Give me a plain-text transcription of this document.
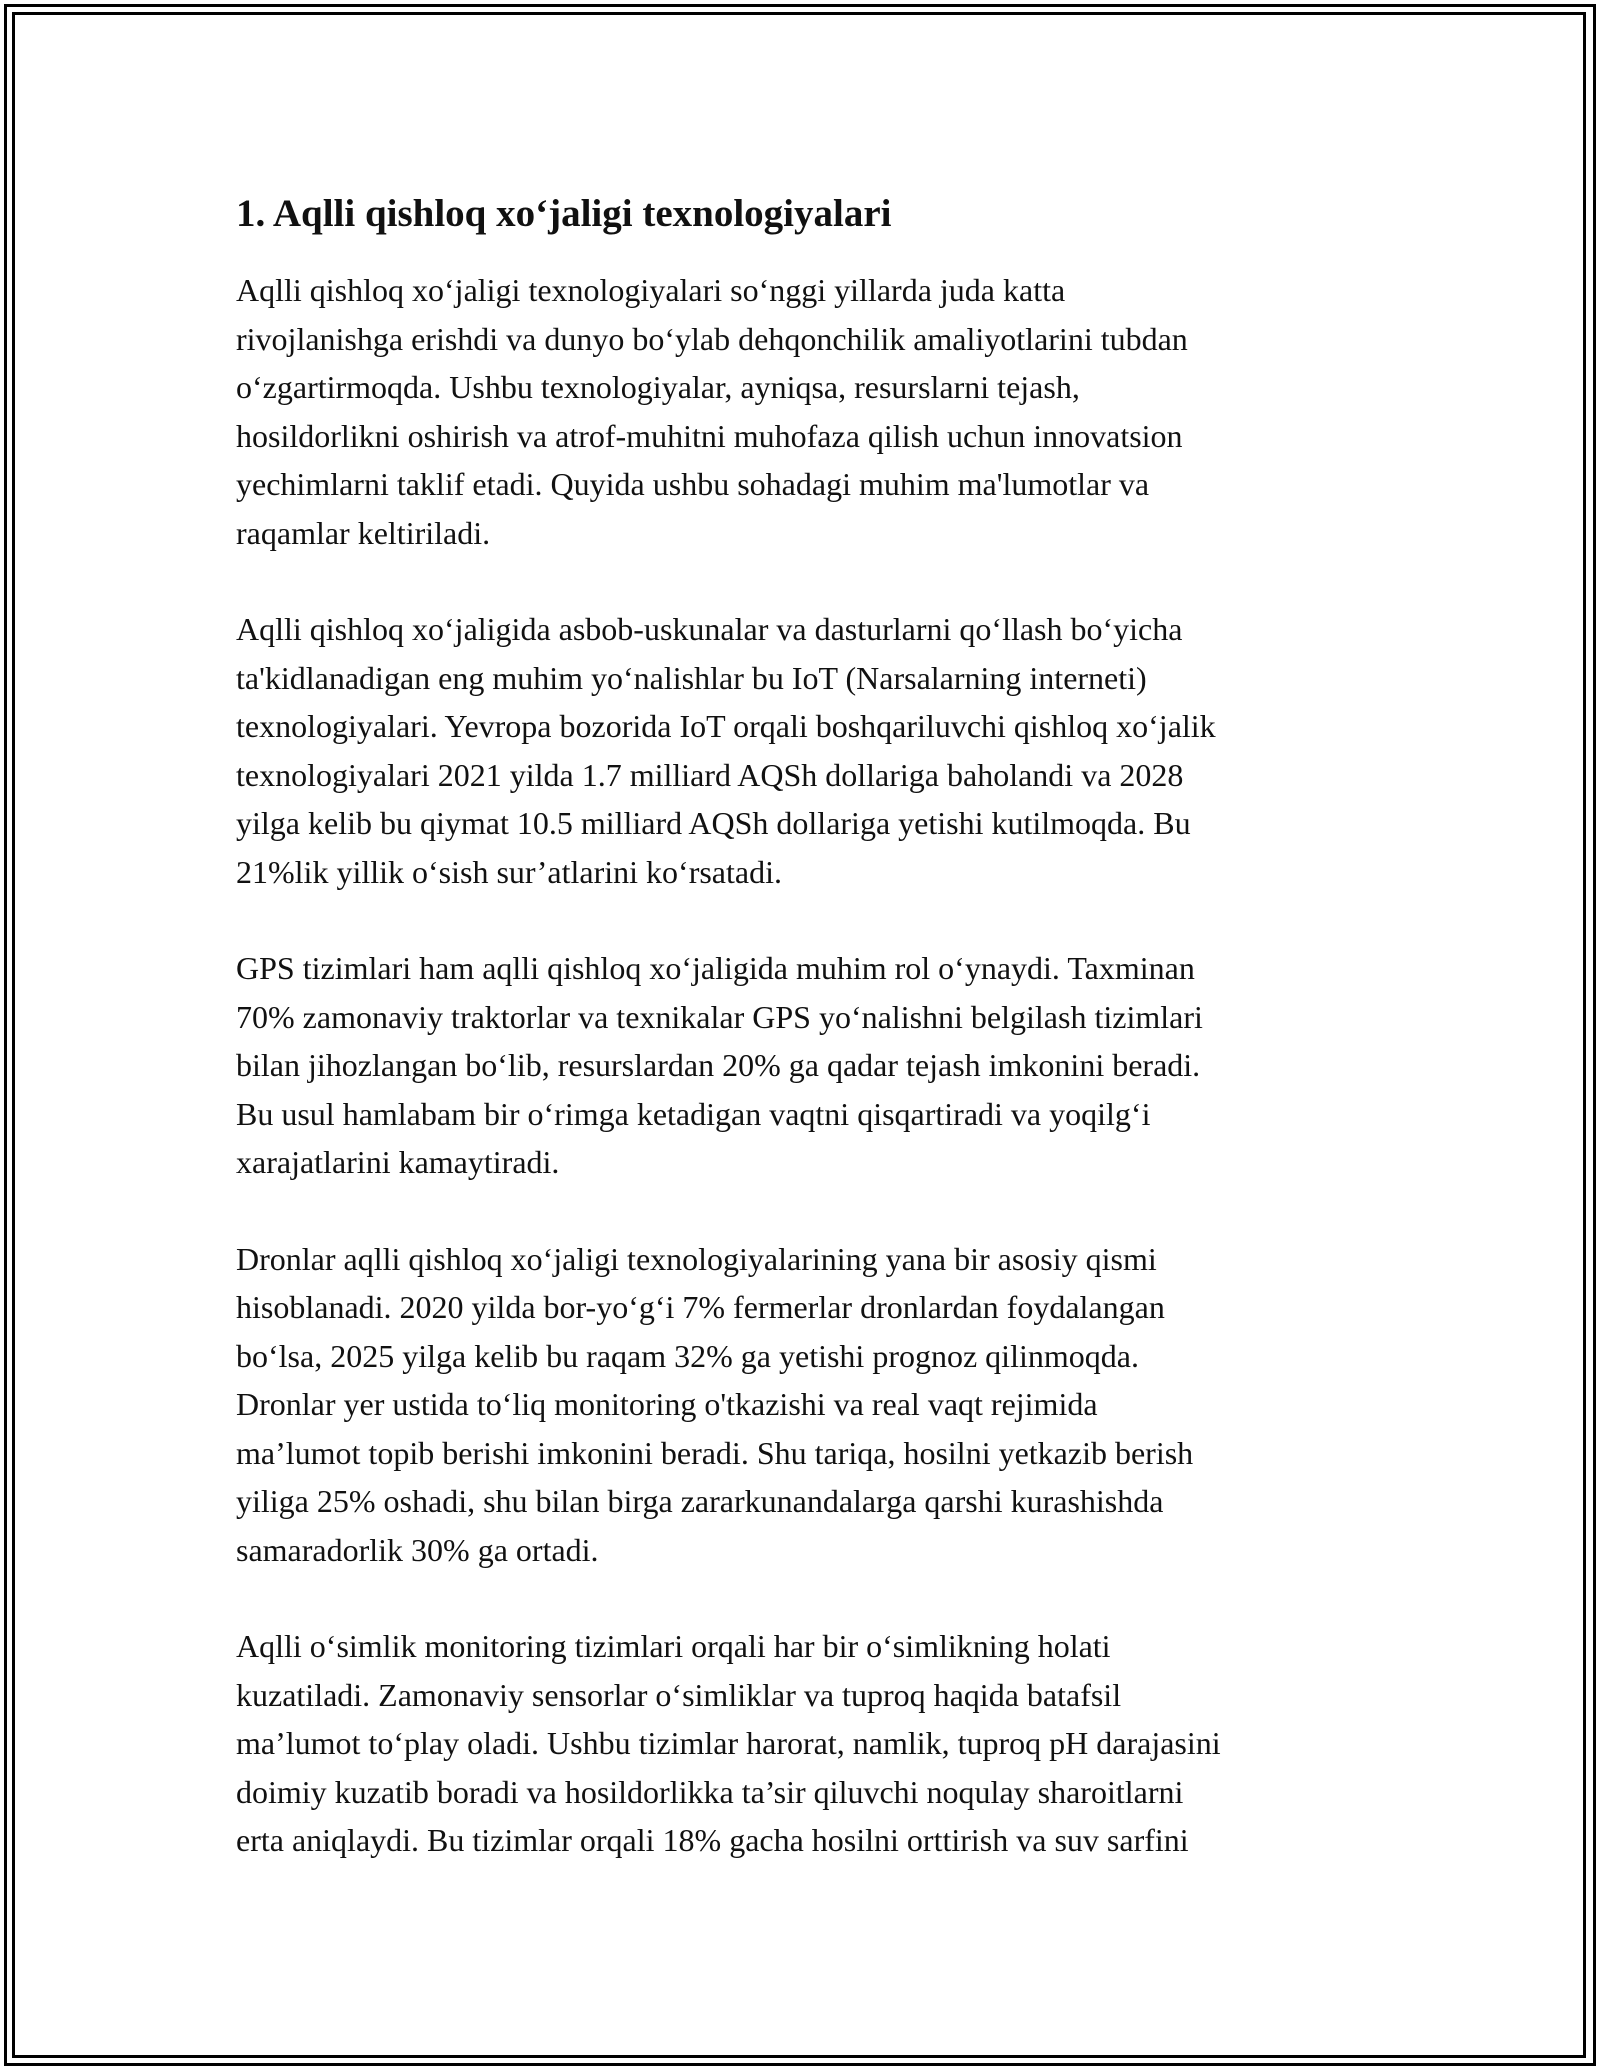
1. Aqlli qishloq xo‘jaligi texnologiyalari
Aqlli qishloq xo‘jaligi texnologiyalari so‘nggi yillarda juda katta
rivojlanishga erishdi va dunyo bo‘ylab dehqonchilik amaliyotlarini tubdan
o‘zgartirmoqda. Ushbu texnologiyalar, ayniqsa, resurslarni tejash,
hosildorlikni oshirish va atrof-muhitni muhofaza qilish uchun innovatsion
yechimlarni taklif etadi. Quyida ushbu sohadagi muhim ma'lumotlar va
raqamlar keltiriladi.
Aqlli qishloq xo‘jaligida asbob-uskunalar va dasturlarni qo‘llash bo‘yicha
ta'kidlanadigan eng muhim yo‘nalishlar bu IoT (Narsalarning interneti)
texnologiyalari. Yevropa bozorida IoT orqali boshqariluvchi qishloq xo‘jalik
texnologiyalari 2021 yilda 1.7 milliard AQSh dollariga baholandi va 2028
yilga kelib bu qiymat 10.5 milliard AQSh dollariga yetishi kutilmoqda. Bu
21%lik yillik o‘sish sur’atlarini ko‘rsatadi.
GPS tizimlari ham aqlli qishloq xo‘jaligida muhim rol o‘ynaydi. Taxminan
70% zamonaviy traktorlar va texnikalar GPS yo‘nalishni belgilash tizimlari
bilan jihozlangan bo‘lib, resurslardan 20% ga qadar tejash imkonini beradi.
Bu usul hamlabam bir o‘rimga ketadigan vaqtni qisqartiradi va yoqilg‘i
xarajatlarini kamaytiradi.
Dronlar aqlli qishloq xo‘jaligi texnologiyalarining yana bir asosiy qismi
hisoblanadi. 2020 yilda bor-yo‘g‘i 7% fermerlar dronlardan foydalangan
bo‘lsa, 2025 yilga kelib bu raqam 32% ga yetishi prognoz qilinmoqda.
Dronlar yer ustida to‘liq monitoring o'tkazishi va real vaqt rejimida
ma’lumot topib berishi imkonini beradi. Shu tariqa, hosilni yetkazib berish
yiliga 25% oshadi, shu bilan birga zararkunandalarga qarshi kurashishda
samaradorlik 30% ga ortadi.
Aqlli o‘simlik monitoring tizimlari orqali har bir o‘simlikning holati
kuzatiladi. Zamonaviy sensorlar o‘simliklar va tuproq haqida batafsil
ma’lumot to‘play oladi. Ushbu tizimlar harorat, namlik, tuproq pH darajasini
doimiy kuzatib boradi va hosildorlikka ta’sir qiluvchi noqulay sharoitlarni
erta aniqlaydi. Bu tizimlar orqali 18% gacha hosilni orttirish va suv sarfini
